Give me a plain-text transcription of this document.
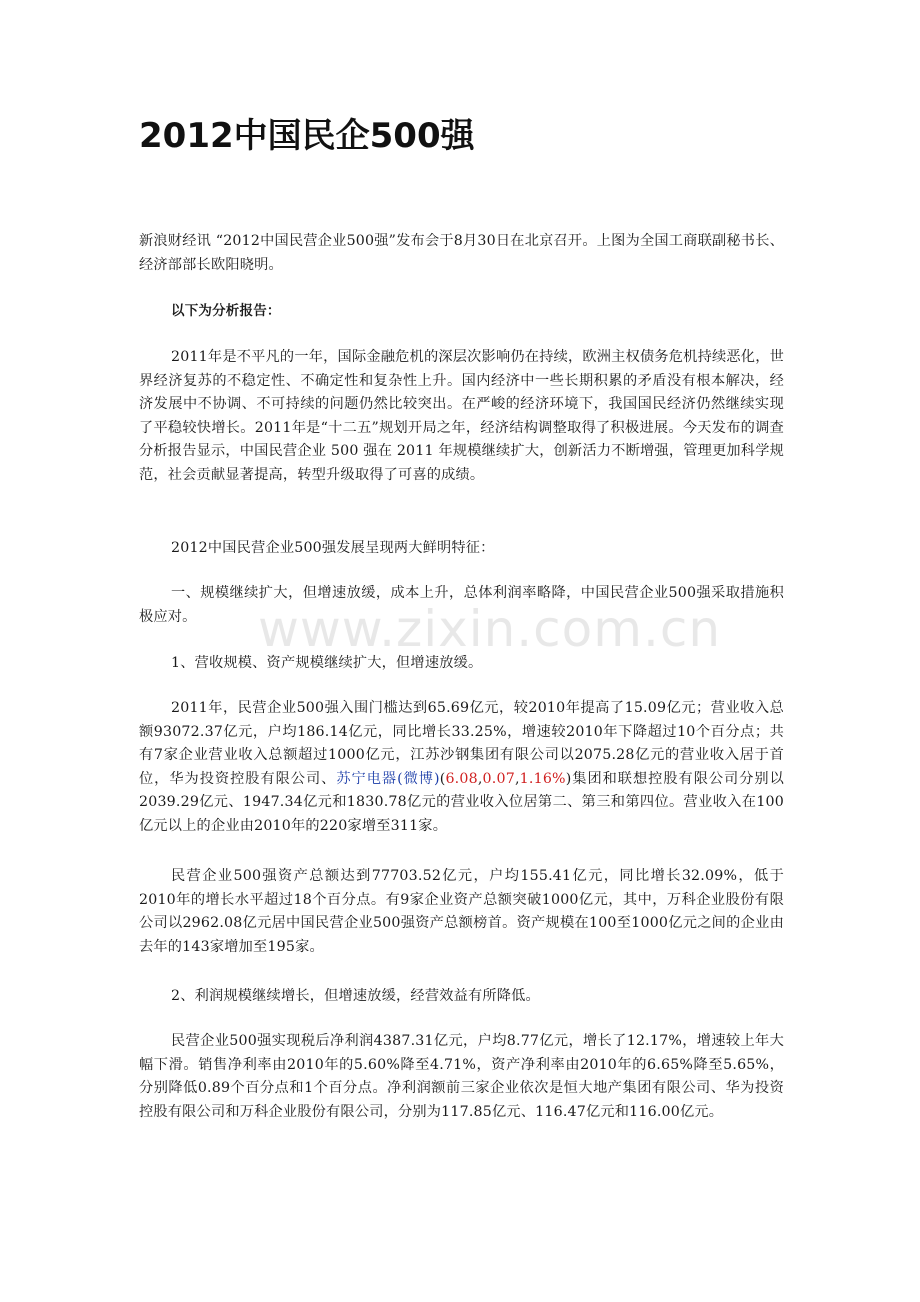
www.zixin.com.cn
2012中国民企500强

新浪财经讯 “2012中国民营企业500强”发布会于8月30日在北京召开。上图为全国工商联副秘书长、经济部部长欧阳晓明。

以下为分析报告：

2011年是不平凡的一年，国际金融危机的深层次影响仍在持续，欧洲主权债务危机持续恶化，世界经济复苏的不稳定性、不确定性和复杂性上升。国内经济中一些长期积累的矛盾没有根本解决，经济发展中不协调、不可持续的问题仍然比较突出。在严峻的经济环境下，我国国民经济仍然继续实现了平稳较快增长。2011年是“十二五”规划开局之年，经济结构调整取得了积极进展。今天发布的调查分析报告显示，中国民营企业 500 强在 2011 年规模继续扩大，创新活力不断增强，管理更加科学规范，社会贡献显著提高，转型升级取得了可喜的成绩。

2012中国民营企业500强发展呈现两大鲜明特征：

一、规模继续扩大，但增速放缓，成本上升，总体利润率略降，中国民营企业500强采取措施积极应对。

1、营收规模、资产规模继续扩大，但增速放缓。

2011年，民营企业500强入围门槛达到65.69亿元，较2010年提高了15.09亿元；营业收入总额93072.37亿元，户均186.14亿元，同比增长33.25%，增速较2010年下降超过10个百分点；共有7家企业营业收入总额超过1000亿元，江苏沙钢集团有限公司以2075.28亿元的营业收入居于首位，华为投资控股有限公司、苏宁电器(微博)(6.08,0.07,1.16%)集团和联想控股有限公司分别以2039.29亿元、1947.34亿元和1830.78亿元的营业收入位居第二、第三和第四位。营业收入在100亿元以上的企业由2010年的220家增至311家。

民营企业500强资产总额达到77703.52亿元，户均155.41亿元，同比增长32.09%，低于2010年的增长水平超过18个百分点。有9家企业资产总额突破1000亿元，其中，万科企业股份有限公司以2962.08亿元居中国民营企业500强资产总额榜首。资产规模在100至1000亿元之间的企业由去年的143家增加至195家。

2、利润规模继续增长，但增速放缓，经营效益有所降低。

民营企业500强实现税后净利润4387.31亿元，户均8.77亿元，增长了12.17%，增速较上年大幅下滑。销售净利率由2010年的5.60%降至4.71%，资产净利率由2010年的6.65%降至5.65%，分别降低0.89个百分点和1个百分点。净利润额前三家企业依次是恒大地产集团有限公司、华为投资控股有限公司和万科企业股份有限公司，分别为117.85亿元、116.47亿元和116.00亿元。
